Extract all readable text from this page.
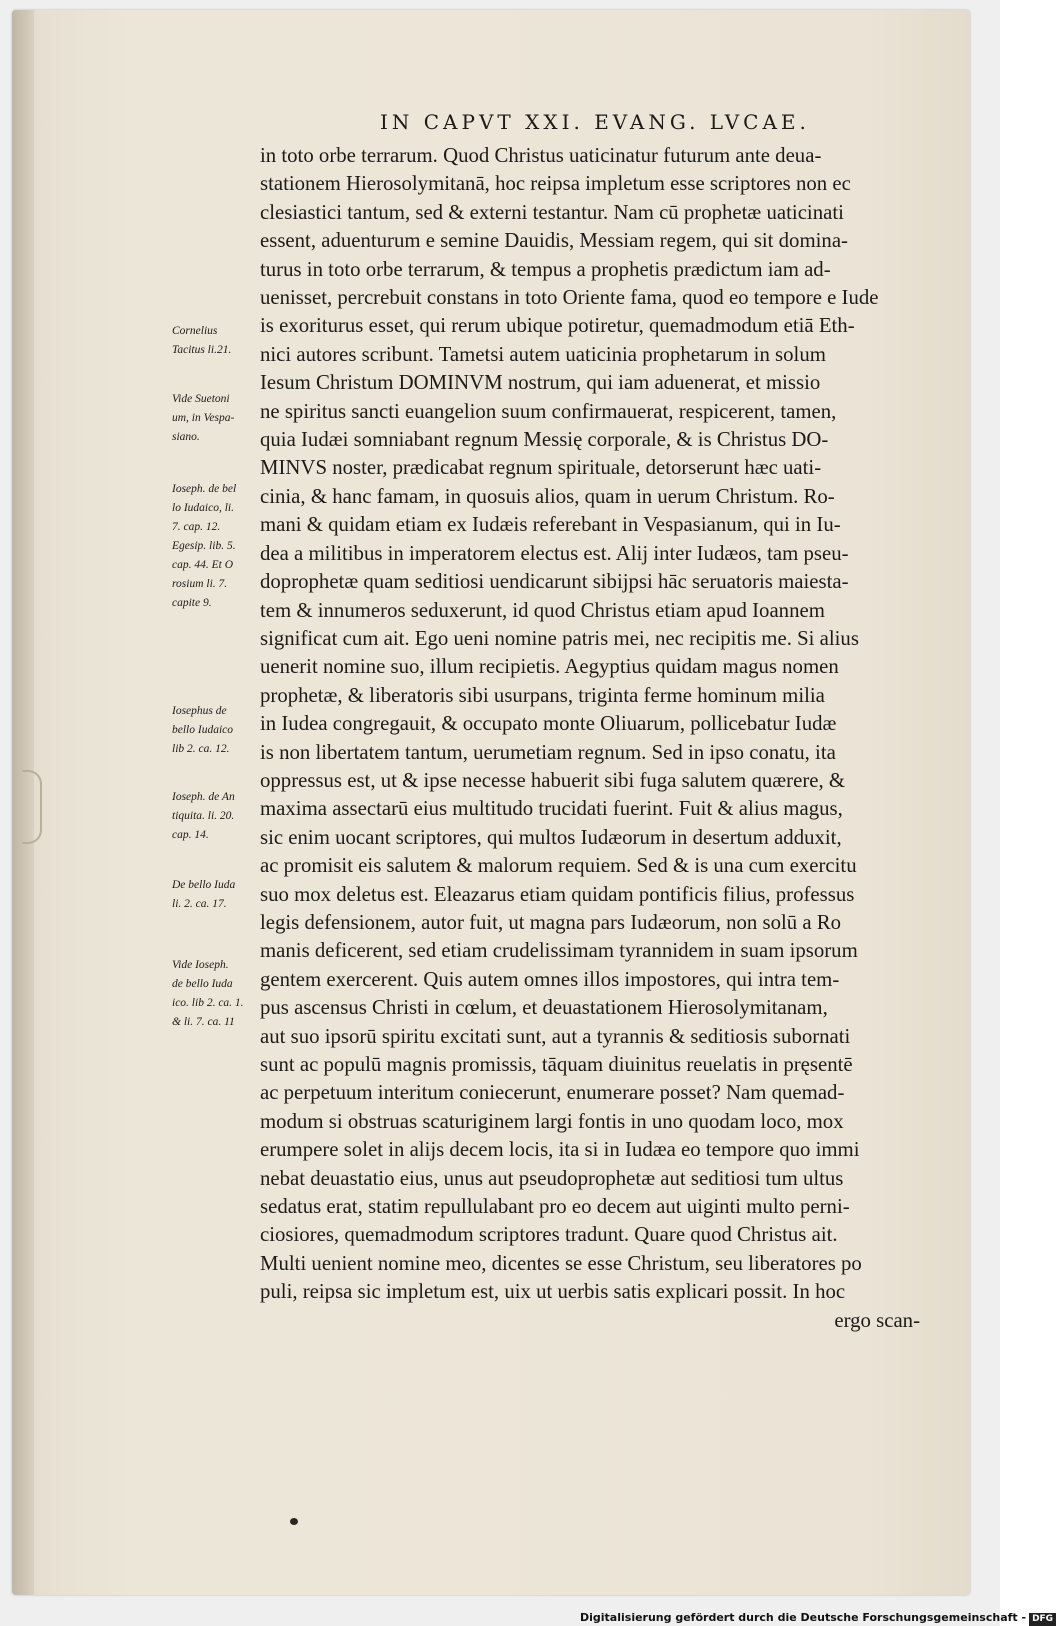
IN CAPVT XXI. EVANG. LVCAE.
in toto orbe terrarum. Quod Christus uaticinatur futurum ante deua-
stationem Hierosolymitanā, hoc reipsa impletum esse scriptores non ec
clesiastici tantum, sed & externi testantur. Nam cū prophetæ uaticinati
essent, aduenturum e semine Dauidis, Messiam regem, qui sit domina-
turus in toto orbe terrarum, & tempus a prophetis prædictum iam ad-
uenisset, percrebuit constans in toto Oriente fama, quod eo tempore e Iude
is exoriturus esset, qui rerum ubique potiretur, quemadmodum etiā Eth-
nici autores scribunt. Tametsi autem uaticinia prophetarum in solum
Iesum Christum DOMINVM nostrum, qui iam aduenerat, et missio
ne spiritus sancti euangelion suum confirmauerat, respicerent, tamen,
quia Iudæi somniabant regnum Messię corporale, & is Christus DO-
MINVS noster, prædicabat regnum spirituale, detorserunt hæc uati-
cinia, & hanc famam, in quosuis alios, quam in uerum Christum. Ro-
mani & quidam etiam ex Iudæis referebant in Vespasianum, qui in Iu-
dea a militibus in imperatorem electus est. Alij inter Iudæos, tam pseu-
doprophetæ quam seditiosi uendicarunt sibijpsi hāc seruatoris maiesta-
tem & innumeros seduxerunt, id quod Christus etiam apud Ioannem
significat cum ait. Ego ueni nomine patris mei, nec recipitis me. Si alius
uenerit nomine suo, illum recipietis. Aegyptius quidam magus nomen
prophetæ, & liberatoris sibi usurpans, triginta ferme hominum milia
in Iudea congregauit, & occupato monte Oliuarum, pollicebatur Iudæ
is non libertatem tantum, uerumetiam regnum. Sed in ipso conatu, ita
oppressus est, ut & ipse necesse habuerit sibi fuga salutem quærere, &
maxima assectarū eius multitudo trucidati fuerint. Fuit & alius magus,
sic enim uocant scriptores, qui multos Iudæorum in desertum adduxit,
ac promisit eis salutem & malorum requiem. Sed & is una cum exercitu
suo mox deletus est. Eleazarus etiam quidam pontificis filius, professus
legis defensionem, autor fuit, ut magna pars Iudæorum, non solū a Ro
manis deficerent, sed etiam crudelissimam tyrannidem in suam ipsorum
gentem exercerent. Quis autem omnes illos impostores, qui intra tem-
pus ascensus Christi in cœlum, et deuastationem Hierosolymitanam,
aut suo ipsorū spiritu excitati sunt, aut a tyrannis & seditiosis subornati
sunt ac populū magnis promissis, tāquam diuinitus reuelatis in pręsentē
ac perpetuum interitum coniecerunt, enumerare posset? Nam quemad-
modum si obstruas scaturiginem largi fontis in uno quodam loco, mox
erumpere solet in alijs decem locis, ita si in Iudæa eo tempore quo immi
nebat deuastatio eius, unus aut pseudoprophetæ aut seditiosi tum ultus
sedatus erat, statim repullulabant pro eo decem aut uiginti multo perni-
ciosiores, quemadmodum scriptores tradunt. Quare quod Christus ait.
Multi uenient nomine meo, dicentes se esse Christum, seu liberatores po
puli, reipsa sic impletum est, uix ut uerbis satis explicari possit. In hoc
ergo scan-
Cornelius
Tacitus li.21.
Vide Suetoni
um, in Vespa-
siano.
Ioseph. de bel
lo Iudaico, li.
7. cap. 12.
Egesip. lib. 5.
cap. 44. Et O
rosium li. 7.
capite 9.
Iosephus de
bello Iudaico
lib 2. ca. 12.
Ioseph. de An
tiquita. li. 20.
cap. 14.
De bello Iuda
li. 2. ca. 17.
Vide Ioseph.
de bello Iuda
ico. lib 2. ca. 1.
& li. 7. ca. 11
Digitalisierung gefördert durch die Deutsche Forschungsgemeinschaft - DFG
